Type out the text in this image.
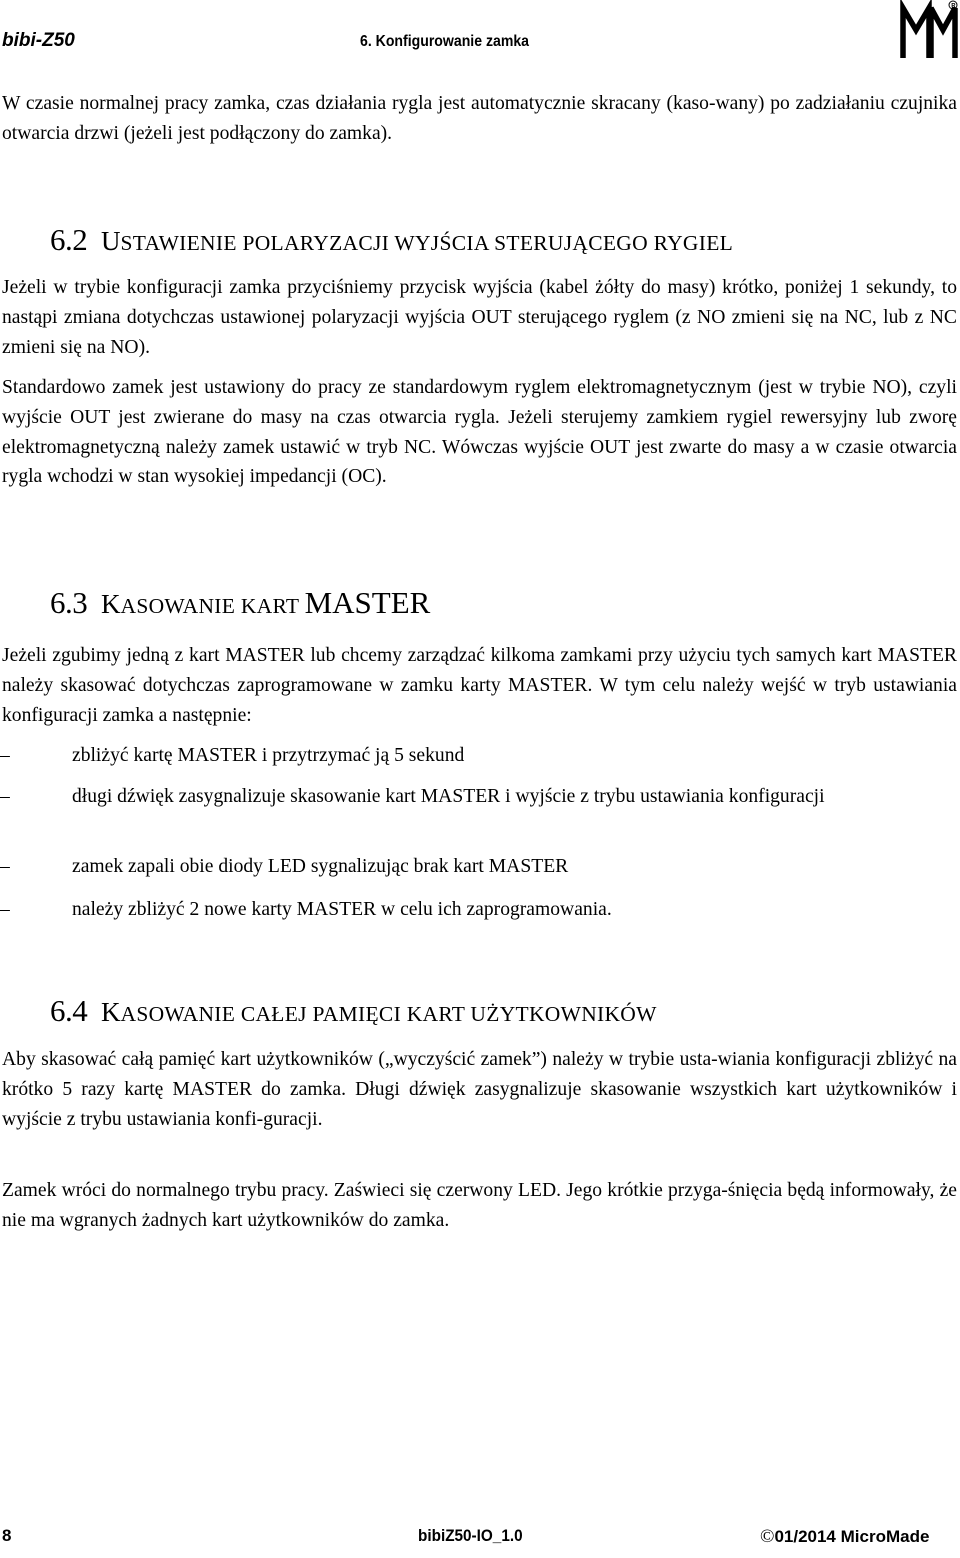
bibi-Z50	6. Konfigurowanie zamka
R
W czasie normalnej pracy zamka, czas działania rygla jest automatycznie skracany (kaso-wany) po zadziałaniu czujnika otwarcia drzwi (jeżeli jest podłączony do zamka).
6.2 USTAWIENIE POLARYZACJI WYJŚCIA STERUJĄCEGO RYGIEL
Jeżeli w trybie konfiguracji zamka przyciśniemy przycisk wyjścia (kabel żółty do masy) krótko, poniżej 1 sekundy, to nastąpi zmiana dotychczas ustawionej polaryzacji wyjścia OUT sterującego ryglem (z NO zmieni się na NC, lub z NC zmieni się na NO).
Standardowo zamek jest ustawiony do pracy ze standardowym ryglem elektromagnetycznym (jest w trybie NO), czyli wyjście OUT jest zwierane do masy na czas otwarcia rygla. Jeżeli sterujemy zamkiem rygiel rewersyjny lub zworę elektromagnetyczną należy zamek ustawić w tryb NC. Wówczas wyjście OUT jest zwarte do masy a w czasie otwarcia rygla wchodzi w stan wysokiej impedancji (OC).
6.3 KASOWANIE KART MASTER
Jeżeli zgubimy jedną z kart MASTER lub chcemy zarządzać kilkoma zamkami przy użyciu tych samych kart MASTER należy skasować dotychczas zaprogramowane w zamku karty MASTER. W tym celu należy wejść w tryb ustawiania konfiguracji zamka a następnie:
–	zbliżyć kartę MASTER i przytrzymać ją 5 sekund
–	długi dźwięk zasygnalizuje skasowanie kart MASTER i wyjście z trybu ustawiania konfiguracji
–	zamek zapali obie diody LED sygnalizując brak kart MASTER
–	należy zbliżyć 2 nowe karty MASTER w celu ich zaprogramowania.
6.4 KASOWANIE CAŁEJ PAMIĘCI KART UŻYTKOWNIKÓW
Aby skasować całą pamięć kart użytkowników („wyczyścić zamek”) należy w trybie usta-wiania konfiguracji zbliżyć na krótko 5 razy kartę MASTER do zamka. Długi dźwięk zasygnalizuje skasowanie wszystkich kart użytkowników i wyjście z trybu ustawiania konfi-guracji.
Zamek wróci do normalnego trybu pracy. Zaświeci się czerwony LED. Jego krótkie przyga-śnięcia będą informowały, że nie ma wgranych żadnych kart użytkowników do zamka.
8	bibiZ50-IO_1.0	©01/2014 MicroMade
